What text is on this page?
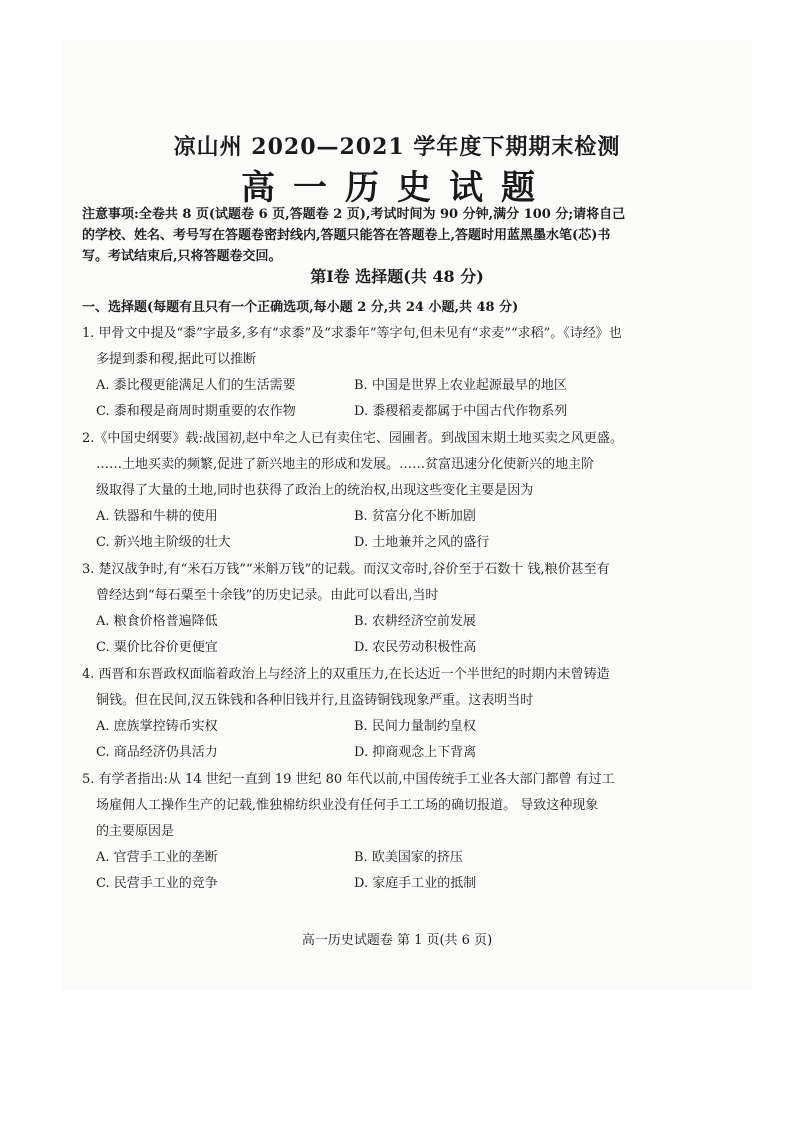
凉山州 2020—2021 学年度下期期末检测
高一历史试题
注意事项:全卷共 8 页(试题卷 6 页,答题卷 2 页),考试时间为 90 分钟,满分 100 分;请将自己
的学校、姓名、考号写在答题卷密封线内,答题只能答在答题卷上,答题时用蓝黑墨水笔(芯)书
写。考试结束后,只将答题卷交回。
第Ⅰ卷 选择题(共 48 分)
一、选择题(每题有且只有一个正确选项,每小题 2 分,共 24 小题,共 48 分)
1. 甲骨文中提及“黍”字最多,多有“求黍”及“求黍年”等字句,但未见有“求麦”“求稻”。《诗经》也
多提到黍和稷,据此可以推断
A. 黍比稷更能满足人们的生活需要	B. 中国是世界上农业起源最早的地区
C. 黍和稷是商周时期重要的农作物	D. 黍稷稻麦都属于中国古代作物系列
2.《中国史纲要》载:战国初,赵中牟之人已有卖住宅、园圃者。到战国末期土地买卖之风更盛。
……土地买卖的频繁,促进了新兴地主的形成和发展。……贫富迅速分化使新兴的地主阶
级取得了大量的土地,同时也获得了政治上的统治权,出现这些变化主要是因为
A. 铁器和牛耕的使用	B. 贫富分化不断加剧
C. 新兴地主阶级的壮大	D. 土地兼并之风的盛行
3. 楚汉战争时,有“米石万钱”“米斛万钱”的记载。而汉文帝时,谷价至于石数十 钱,粮价甚至有
曾经达到“每石粟至十余钱”的历史记录。由此可以看出,当时
A. 粮食价格普遍降低	B. 农耕经济空前发展
C. 粟价比谷价更便宜	D. 农民劳动积极性高
4. 西晋和东晋政权面临着政治上与经济上的双重压力,在长达近一个半世纪的时期内未曾铸造
铜钱。但在民间,汉五铢钱和各种旧钱并行,且盗铸铜钱现象严重。这表明当时
A. 庶族掌控铸币实权	B. 民间力量制约皇权
C. 商品经济仍具活力	D. 抑商观念上下背离
5. 有学者指出:从 14 世纪一直到 19 世纪 80 年代以前,中国传统手工业各大部门都曾 有过工
场雇佣人工操作生产的记载,惟独棉纺织业没有任何手工工场的确切报道。 导致这种现象
的主要原因是
A. 官营手工业的垄断	B. 欧美国家的挤压
C. 民营手工业的竞争	D. 家庭手工业的抵制
高一历史试题卷 第 1 页(共 6 页)
